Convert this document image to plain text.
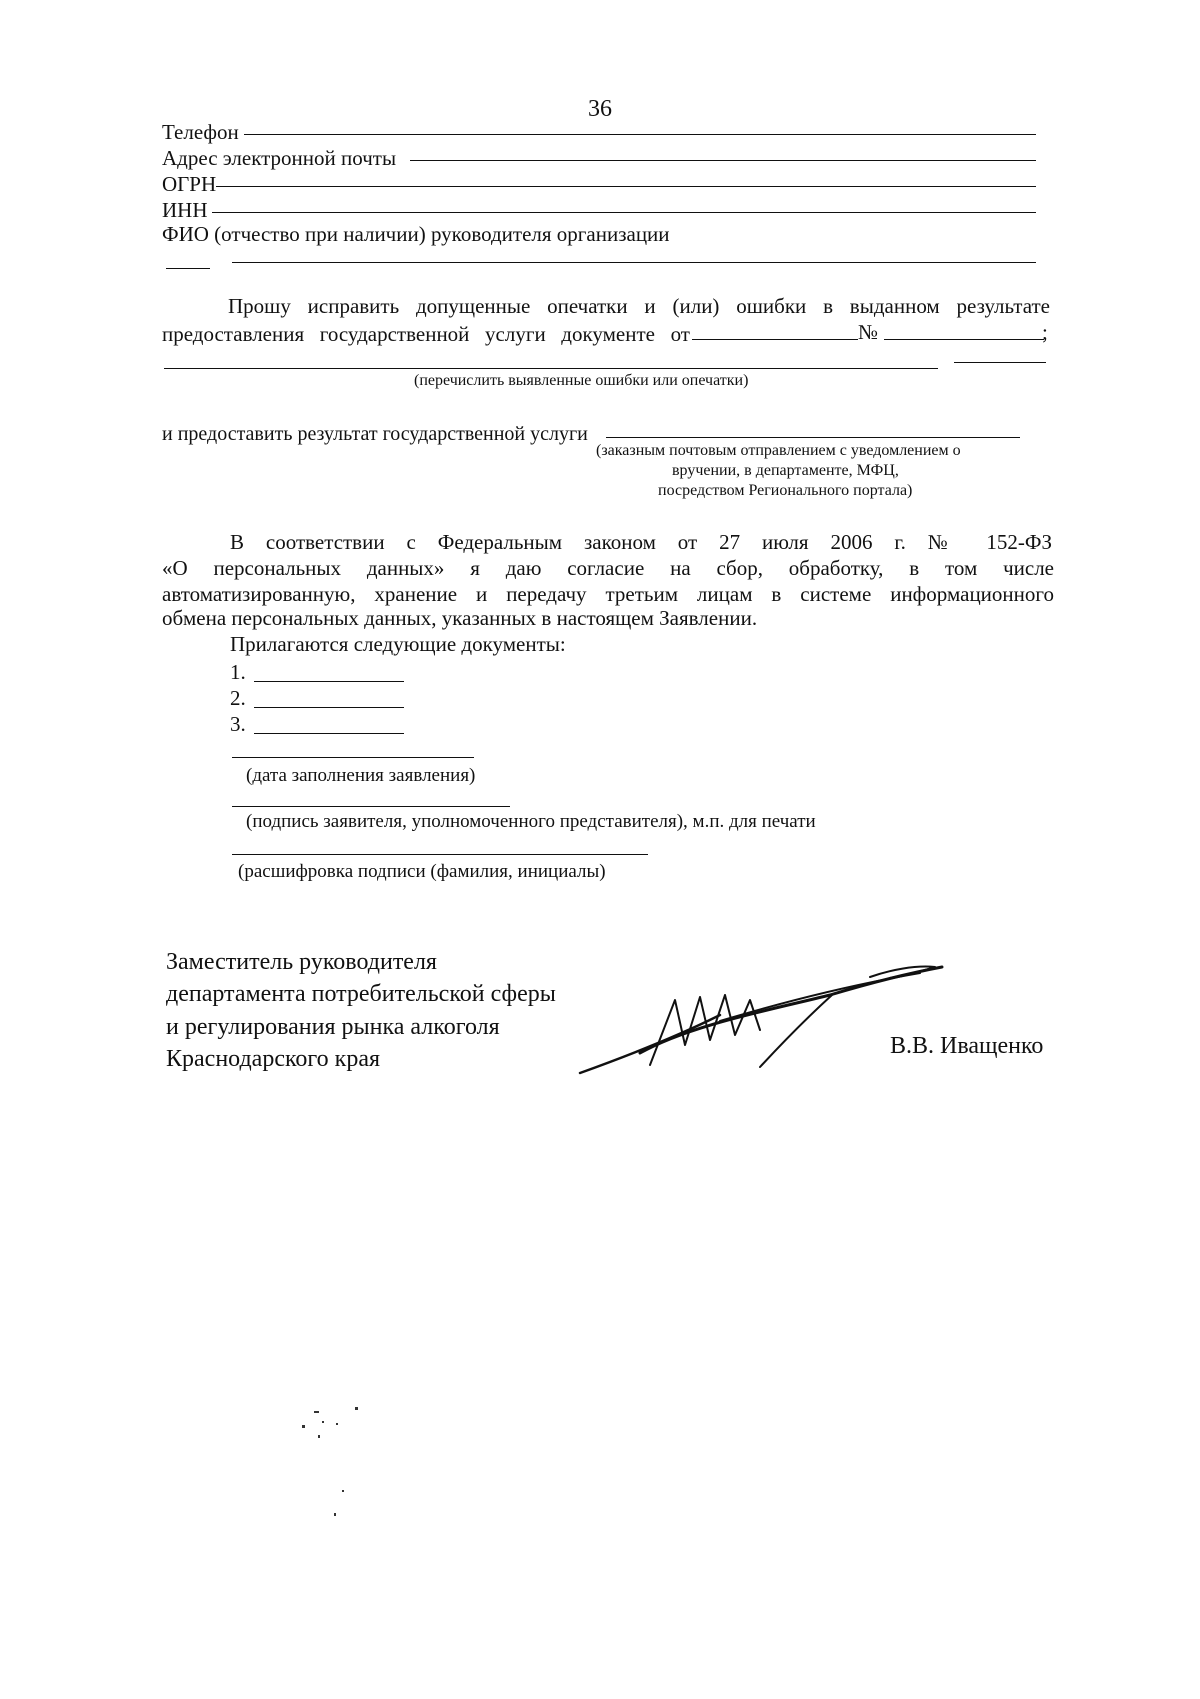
36
Телефон
Адрес электронной почты
ОГРН
ИНН
ФИО (отчество при наличии) руководителя организации
Прошу исправить допущенные опечатки и (или) ошибки в выданном результате
предоставления государственной услуги документе от	№	;
(перечислить выявленные ошибки или опечатки)
и предоставить результат государственной услуги
(заказным почтовым отправлением с уведомлением о
вручении, в департаменте, МФЦ,
посредством Регионального портала)
В соответствии с Федеральным законом от 27 июля 2006 г. № 152-ФЗ
«О персональных данных» я даю согласие на сбор, обработку, в том числе
автоматизированную, хранение и передачу третьим лицам в системе информационного
обмена персональных данных, указанных в настоящем Заявлении.
Прилагаются следующие документы:
1.
2.
3.
(дата заполнения заявления)
(подпись заявителя, уполномоченного представителя), м.п. для печати
(расшифровка подписи (фамилия, инициалы)
Заместитель руководителя
департамента потребительской сферы
и регулирования рынка алкоголя
Краснодарского края
В.В. Иващенко
